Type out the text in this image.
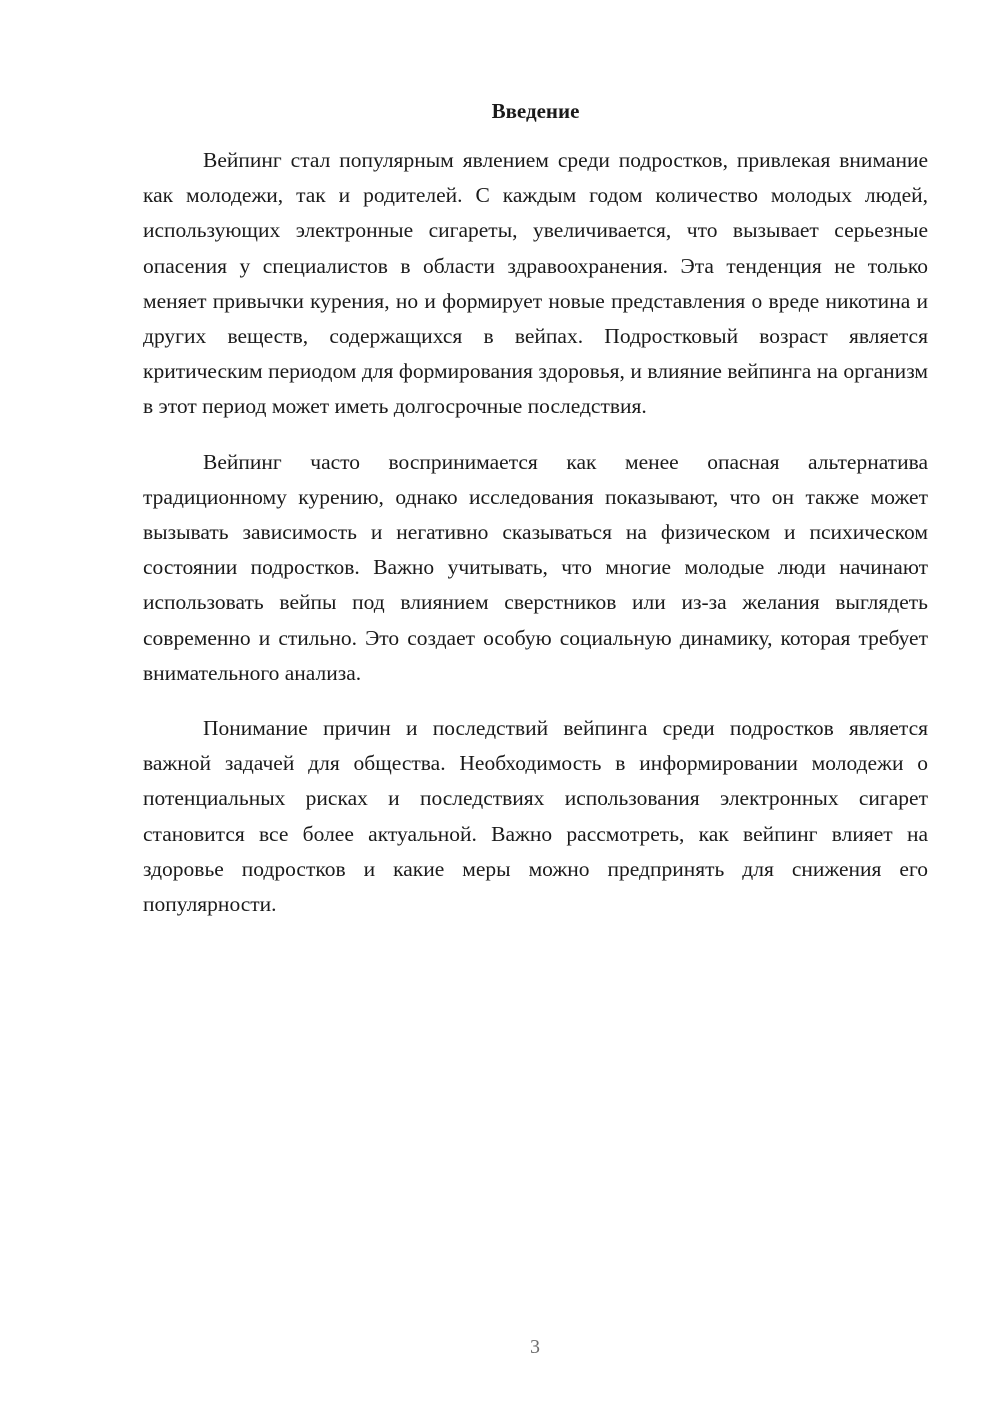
Введение

Вейпинг стал популярным явлением среди подростков, привлекая внимание как молодежи, так и родителей. С каждым годом количество молодых людей, использующих электронные сигареты, увеличивается, что вызывает серьезные опасения у специалистов в области здравоохранения. Эта тенденция не только меняет привычки курения, но и формирует новые представления о вреде никотина и других веществ, содержащихся в вейпах. Подростковый возраст является критическим периодом для формирования здоровья, и влияние вейпинга на организм в этот период может иметь долгосрочные последствия.

Вейпинг часто воспринимается как менее опасная альтернатива традиционному курению, однако исследования показывают, что он также может вызывать зависимость и негативно сказываться на физическом и психическом состоянии подростков. Важно учитывать, что многие молодые люди начинают использовать вейпы под влиянием сверстников или из-за желания выглядеть современно и стильно. Это создает особую социальную динамику, которая требует внимательного анализа.

Понимание причин и последствий вейпинга среди подростков является важной задачей для общества. Необходимость в информировании молодежи о потенциальных рисках и последствиях использования электронных сигарет становится все более актуальной. Важно рассмотреть, как вейпинг влияет на здоровье подростков и какие меры можно предпринять для снижения его популярности.

3
